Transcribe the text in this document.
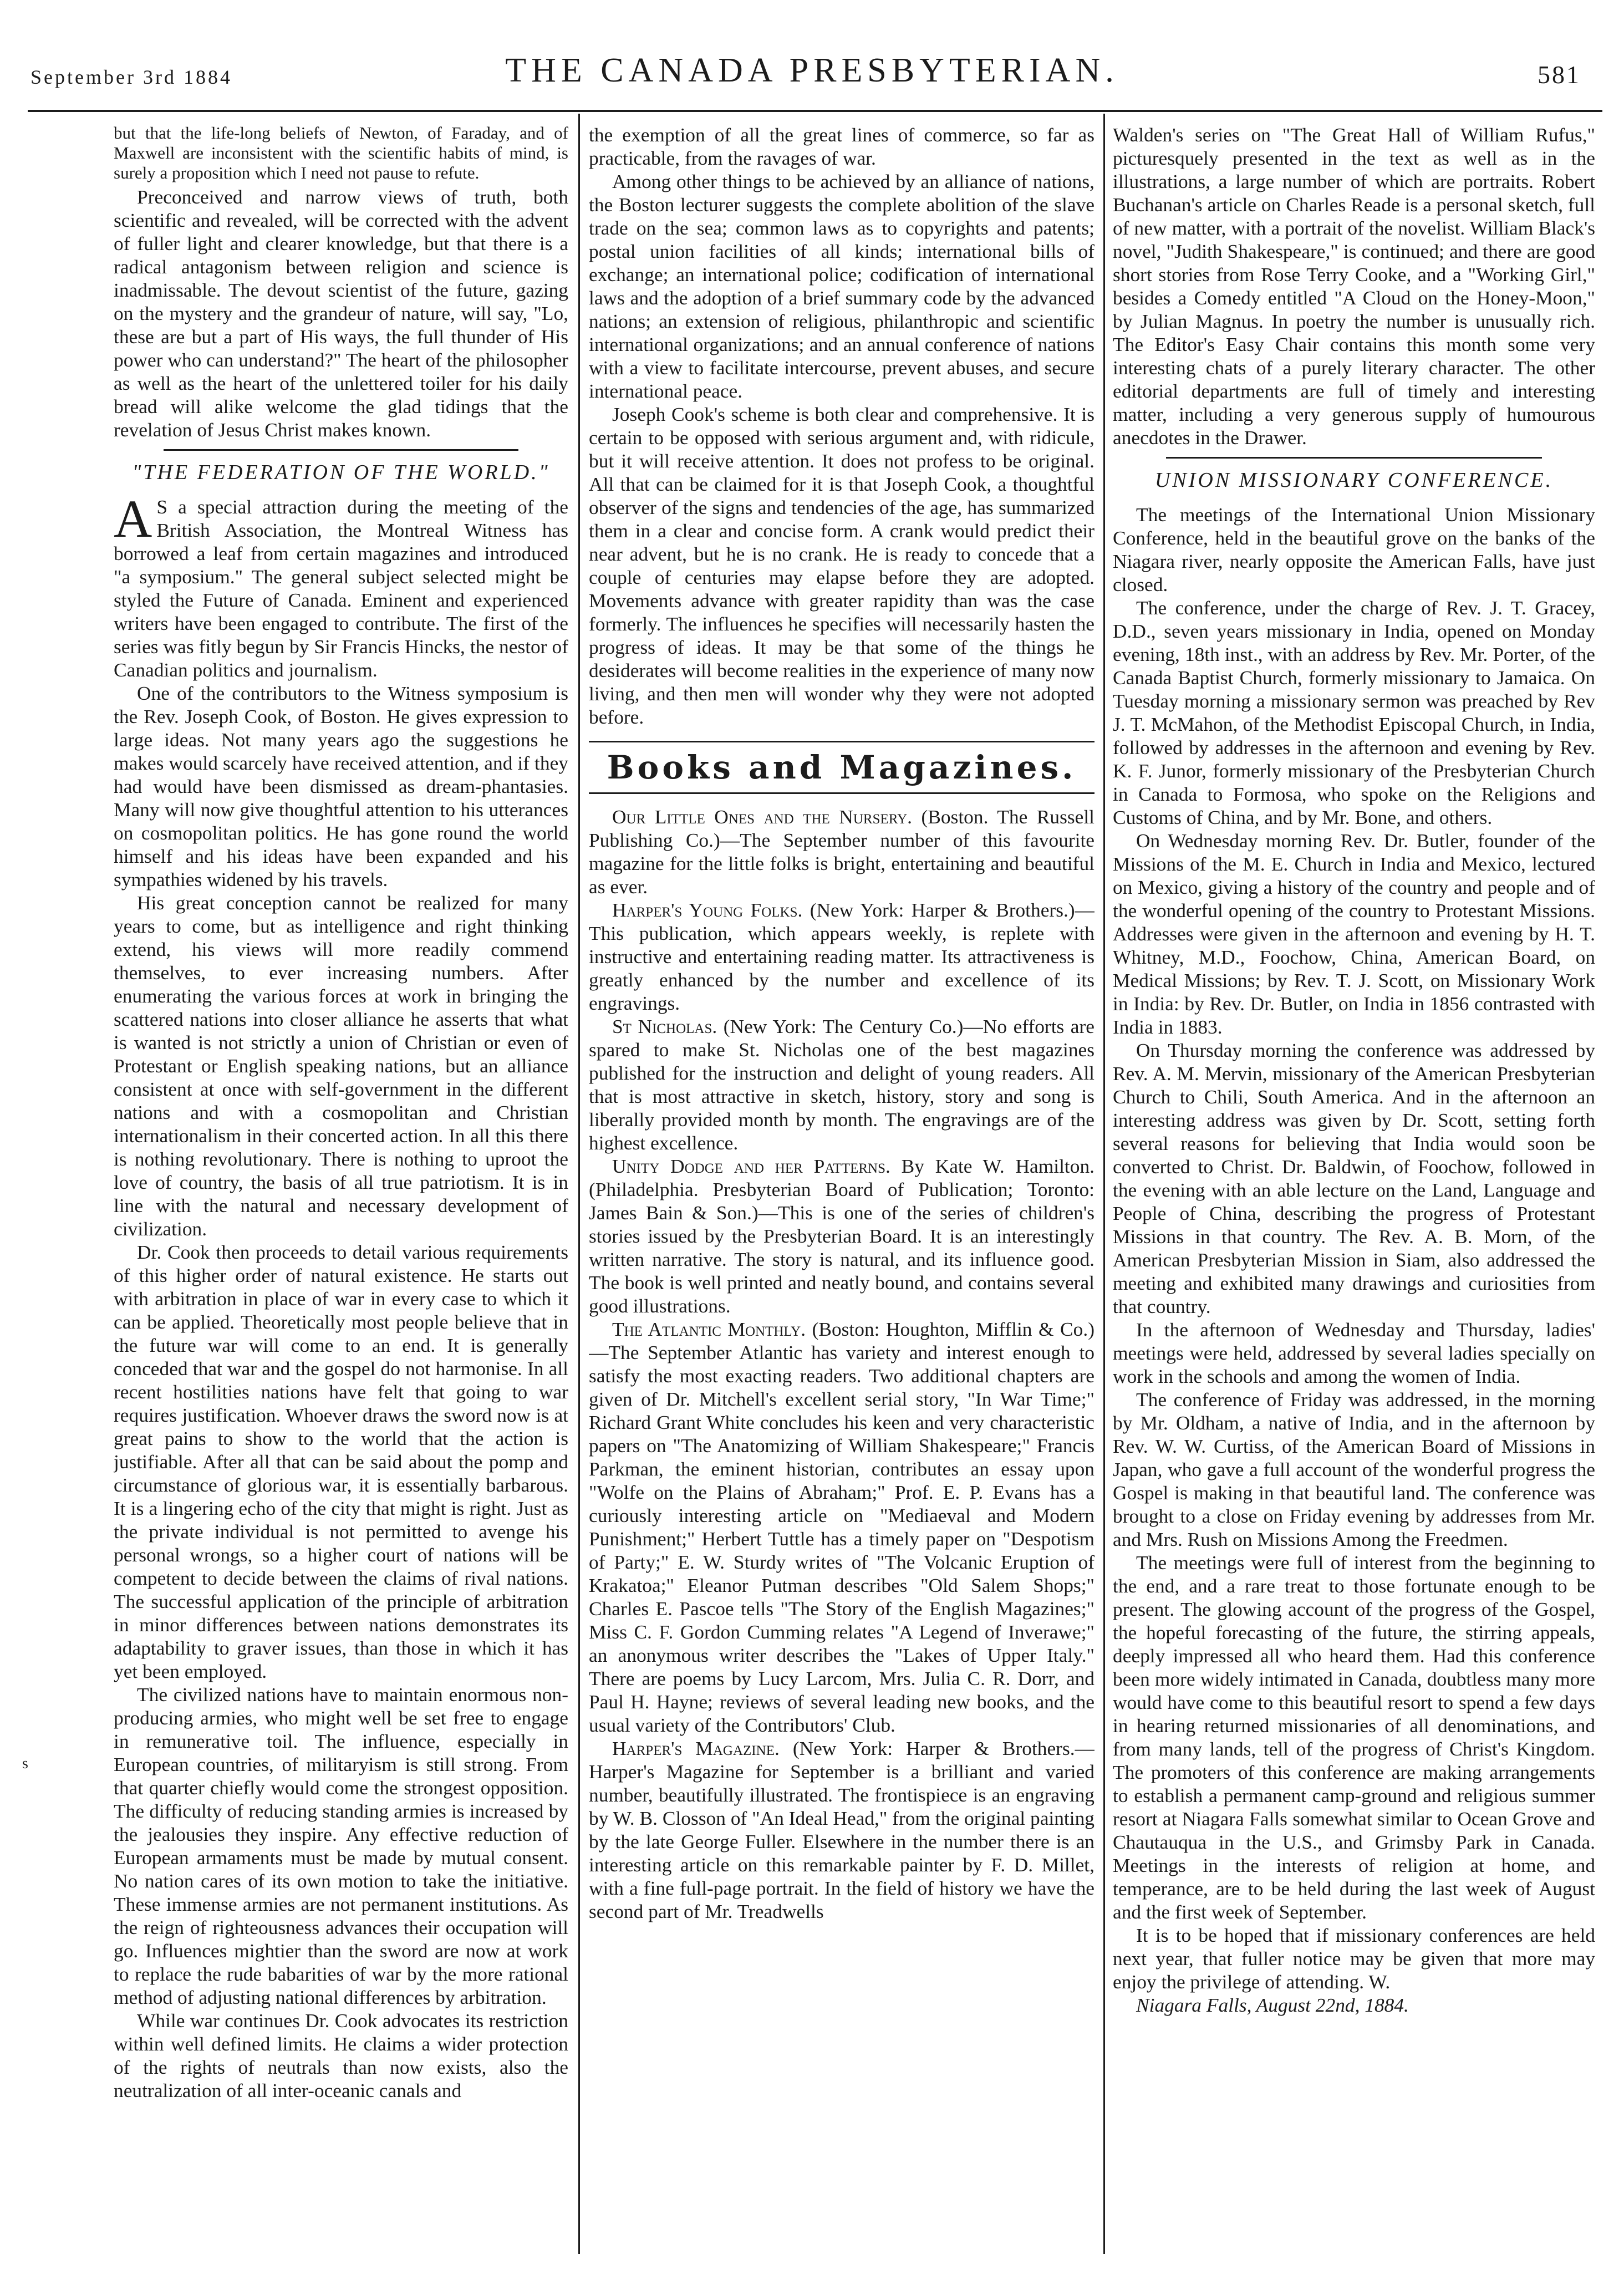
September 3rd 1884	THE CANADA PRESBYTERIAN.	581
s

but that the life-long beliefs of Newton, of Faraday, and of Maxwell are inconsistent with the scientific habits of mind, is surely a proposition which I need not pause to refute.

Preconceived and narrow views of truth, both scientific and revealed, will be corrected with the advent of fuller light and clearer knowledge, but that there is a radical antagonism between religion and science is inadmissable. The devout scientist of the future, gazing on the mystery and the grandeur of nature, will say, "Lo, these are but a part of His ways, the full thunder of His power who can understand?" The heart of the philosopher as well as the heart of the unlettered toiler for his daily bread will alike welcome the glad tidings that the revelation of Jesus Christ makes known.

"THE FEDERATION OF THE WORLD."

A S a special attraction during the meeting of the British Association, the Montreal Witness has borrowed a leaf from certain magazines and introduced "a symposium." The general subject selected might be styled the Future of Canada. Eminent and experienced writers have been engaged to contribute. The first of the series was fitly begun by Sir Francis Hincks, the nestor of Canadian politics and journalism.

One of the contributors to the Witness symposium is the Rev. Joseph Cook, of Boston. He gives expression to large ideas. Not many years ago the suggestions he makes would scarcely have received attention, and if they had would have been dismissed as dream-phantasies. Many will now give thoughtful attention to his utterances on cosmopolitan politics. He has gone round the world himself and his ideas have been expanded and his sympathies widened by his travels.

His great conception cannot be realized for many years to come, but as intelligence and right thinking extend, his views will more readily commend themselves, to ever increasing numbers. After enumerating the various forces at work in bringing the scattered nations into closer alliance he asserts that what is wanted is not strictly a union of Christian or even of Protestant or English speaking nations, but an alliance consistent at once with self-government in the different nations and with a cosmopolitan and Christian internationalism in their concerted action. In all this there is nothing revolutionary. There is nothing to uproot the love of country, the basis of all true patriotism. It is in line with the natural and necessary development of civilization.

Dr. Cook then proceeds to detail various requirements of this higher order of natural existence. He starts out with arbitration in place of war in every case to which it can be applied. Theoretically most people believe that in the future war will come to an end. It is generally conceded that war and the gospel do not harmonise. In all recent hostilities nations have felt that going to war requires justification. Whoever draws the sword now is at great pains to show to the world that the action is justifiable. After all that can be said about the pomp and circumstance of glorious war, it is essentially barbarous. It is a lingering echo of the city that might is right. Just as the private individual is not permitted to avenge his personal wrongs, so a higher court of nations will be competent to decide between the claims of rival nations. The successful application of the principle of arbitration in minor differences between nations demonstrates its adaptability to graver issues, than those in which it has yet been employed.

The civilized nations have to maintain enormous non-producing armies, who might well be set free to engage in remunerative toil. The influence, especially in European countries, of militaryism is still strong. From that quarter chiefly would come the strongest opposition. The difficulty of reducing standing armies is increased by the jealousies they inspire. Any effective reduction of European armaments must be made by mutual consent. No nation cares of its own motion to take the initiative. These immense armies are not permanent institutions. As the reign of righteousness advances their occupation will go. Influences mightier than the sword are now at work to replace the rude babarities of war by the more rational method of adjusting national differences by arbitration.

While war continues Dr. Cook advocates its restriction within well defined limits. He claims a wider protection of the rights of neutrals than now exists, also the neutralization of all inter-oceanic canals and

the exemption of all the great lines of commerce, so far as practicable, from the ravages of war.

Among other things to be achieved by an alliance of nations, the Boston lecturer suggests the complete abolition of the slave trade on the sea; common laws as to copyrights and patents; postal union facilities of all kinds; international bills of exchange; an international police; codification of international laws and the adoption of a brief summary code by the advanced nations; an extension of religious, philanthropic and scientific international organizations; and an annual conference of nations with a view to facilitate intercourse, prevent abuses, and secure international peace.

Joseph Cook's scheme is both clear and comprehensive. It is certain to be opposed with serious argument and, with ridicule, but it will receive attention. It does not profess to be original. All that can be claimed for it is that Joseph Cook, a thoughtful observer of the signs and tendencies of the age, has summarized them in a clear and concise form. A crank would predict their near advent, but he is no crank. He is ready to concede that a couple of centuries may elapse before they are adopted. Movements advance with greater rapidity than was the case formerly. The influences he specifies will necessarily hasten the progress of ideas. It may be that some of the things he desiderates will become realities in the experience of many now living, and then men will wonder why they were not adopted before.

Books and Magazines.

Our Little Ones and the Nursery. (Boston. The Russell Publishing Co.)—The September number of this favourite magazine for the little folks is bright, entertaining and beautiful as ever.

Harper's Young Folks. (New York: Harper & Brothers.)—This publication, which appears weekly, is replete with instructive and entertaining reading matter. Its attractiveness is greatly enhanced by the number and excellence of its engravings.

St Nicholas. (New York: The Century Co.)—No efforts are spared to make St. Nicholas one of the best magazines published for the instruction and delight of young readers. All that is most attractive in sketch, history, story and song is liberally provided month by month. The engravings are of the highest excellence.

Unity Dodge and her Patterns. By Kate W. Hamilton. (Philadelphia. Presbyterian Board of Publication; Toronto: James Bain & Son.)—This is one of the series of children's stories issued by the Presbyterian Board. It is an interestingly written narrative. The story is natural, and its influence good. The book is well printed and neatly bound, and contains several good illustrations.

The Atlantic Monthly. (Boston: Houghton, Mifflin & Co.)—The September Atlantic has variety and interest enough to satisfy the most exacting readers. Two additional chapters are given of Dr. Mitchell's excellent serial story, "In War Time;" Richard Grant White concludes his keen and very characteristic papers on "The Anatomizing of William Shakespeare;" Francis Parkman, the eminent historian, contributes an essay upon "Wolfe on the Plains of Abraham;" Prof. E. P. Evans has a curiously interesting article on "Mediaeval and Modern Punishment;" Herbert Tuttle has a timely paper on "Despotism of Party;" E. W. Sturdy writes of "The Volcanic Eruption of Krakatoa;" Eleanor Putman describes "Old Salem Shops;" Charles E. Pascoe tells "The Story of the English Magazines;" Miss C. F. Gordon Cumming relates "A Legend of Inverawe;" an anonymous writer describes the "Lakes of Upper Italy." There are poems by Lucy Larcom, Mrs. Julia C. R. Dorr, and Paul H. Hayne; reviews of several leading new books, and the usual variety of the Contributors' Club.

Harper's Magazine. (New York: Harper & Brothers.—Harper's Magazine for September is a brilliant and varied number, beautifully illustrated. The frontispiece is an engraving by W. B. Closson of "An Ideal Head," from the original painting by the late George Fuller. Elsewhere in the number there is an interesting article on this remarkable painter by F. D. Millet, with a fine full-page portrait. In the field of history we have the second part of Mr. Treadwells

Walden's series on "The Great Hall of William Rufus," picturesquely presented in the text as well as in the illustrations, a large number of which are portraits. Robert Buchanan's article on Charles Reade is a personal sketch, full of new matter, with a portrait of the novelist. William Black's novel, "Judith Shakespeare," is continued; and there are good short stories from Rose Terry Cooke, and a "Working Girl," besides a Comedy entitled "A Cloud on the Honey-Moon," by Julian Magnus. In poetry the number is unusually rich. The Editor's Easy Chair contains this month some very interesting chats of a purely literary character. The other editorial departments are full of timely and interesting matter, including a very generous supply of humourous anecdotes in the Drawer.

UNION MISSIONARY CONFERENCE.

The meetings of the International Union Missionary Conference, held in the beautiful grove on the banks of the Niagara river, nearly opposite the American Falls, have just closed.

The conference, under the charge of Rev. J. T. Gracey, D.D., seven years missionary in India, opened on Monday evening, 18th inst., with an address by Rev. Mr. Porter, of the Canada Baptist Church, formerly missionary to Jamaica. On Tuesday morning a missionary sermon was preached by Rev J. T. McMahon, of the Methodist Episcopal Church, in India, followed by addresses in the afternoon and evening by Rev. K. F. Junor, formerly missionary of the Presbyterian Church in Canada to Formosa, who spoke on the Religions and Customs of China, and by Mr. Bone, and others.

On Wednesday morning Rev. Dr. Butler, founder of the Missions of the M. E. Church in India and Mexico, lectured on Mexico, giving a history of the country and people and of the wonderful opening of the country to Protestant Missions. Addresses were given in the afternoon and evening by H. T. Whitney, M.D., Foochow, China, American Board, on Medical Missions; by Rev. T. J. Scott, on Missionary Work in India: by Rev. Dr. Butler, on India in 1856 contrasted with India in 1883.

On Thursday morning the conference was addressed by Rev. A. M. Mervin, missionary of the American Presbyterian Church to Chili, South America. And in the afternoon an interesting address was given by Dr. Scott, setting forth several reasons for believing that India would soon be converted to Christ. Dr. Baldwin, of Foochow, followed in the evening with an able lecture on the Land, Language and People of China, describing the progress of Protestant Missions in that country. The Rev. A. B. Morn, of the American Presbyterian Mission in Siam, also addressed the meeting and exhibited many drawings and curiosities from that country.

In the afternoon of Wednesday and Thursday, ladies' meetings were held, addressed by several ladies specially on work in the schools and among the women of India.

The conference of Friday was addressed, in the morning by Mr. Oldham, a native of India, and in the afternoon by Rev. W. W. Curtiss, of the American Board of Missions in Japan, who gave a full account of the wonderful progress the Gospel is making in that beautiful land. The conference was brought to a close on Friday evening by addresses from Mr. and Mrs. Rush on Missions Among the Freedmen.

The meetings were full of interest from the beginning to the end, and a rare treat to those fortunate enough to be present. The glowing account of the progress of the Gospel, the hopeful forecasting of the future, the stirring appeals, deeply impressed all who heard them. Had this conference been more widely intimated in Canada, doubtless many more would have come to this beautiful resort to spend a few days in hearing returned missionaries of all denominations, and from many lands, tell of the progress of Christ's Kingdom. The promoters of this conference are making arrangements to establish a permanent camp-ground and religious summer resort at Niagara Falls somewhat similar to Ocean Grove and Chautauqua in the U.S., and Grimsby Park in Canada. Meetings in the interests of religion at home, and temperance, are to be held during the last week of August and the first week of September.

It is to be hoped that if missionary conferences are held next year, that fuller notice may be given that more may enjoy the privilege of attending. W.

Niagara Falls, August 22nd, 1884.
